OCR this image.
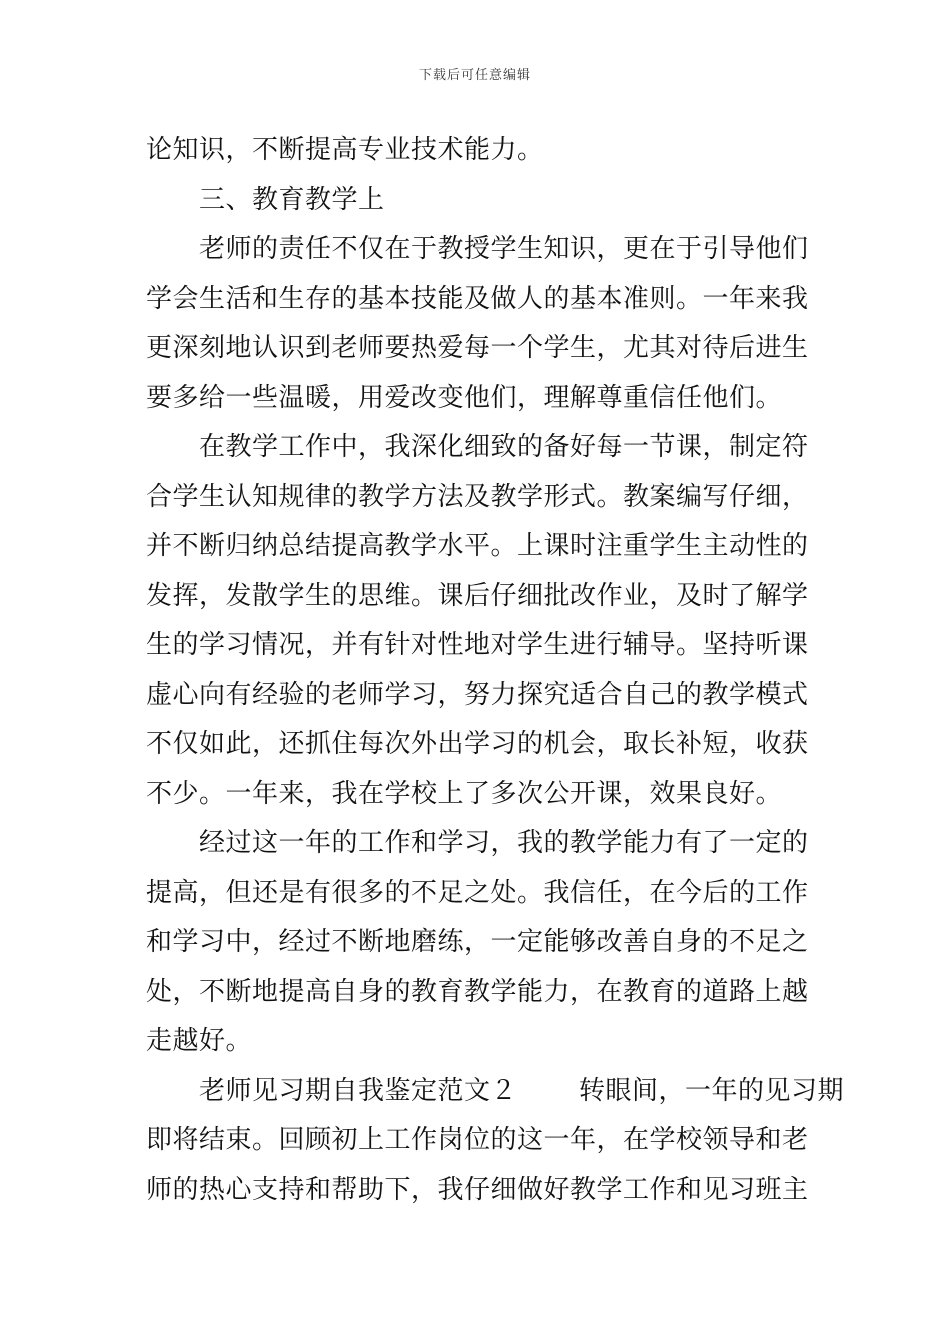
下载后可任意编辑
论知识，不断提高专业技术能力。
三、教育教学上
老师的责任不仅在于教授学生知识，更在于引导他们
学会生活和生存的基本技能及做人的基本准则。一年来我
更深刻地认识到老师要热爱每一个学生，尤其对待后进生
要多给一些温暖，用爱改变他们，理解尊重信任他们。
在教学工作中，我深化细致的备好每一节课，制定符
合学生认知规律的教学方法及教学形式。教案编写仔细，
并不断归纳总结提高教学水平。上课时注重学生主动性的
发挥，发散学生的思维。课后仔细批改作业，及时了解学
生的学习情况，并有针对性地对学生进行辅导。坚持听课
虚心向有经验的老师学习，努力探究适合自己的教学模式
不仅如此，还抓住每次外出学习的机会，取长补短，收获
不少。一年来，我在学校上了多次公开课，效果良好。
经过这一年的工作和学习，我的教学能力有了一定的
提高，但还是有很多的不足之处。我信任，在今后的工作
和学习中，经过不断地磨练，一定能够改善自身的不足之
处，不断地提高自身的教育教学能力，在教育的道路上越
走越好。
老师见习期自我鉴定范文２ 转眼间，一年的见习期
即将结束。回顾初上工作岗位的这一年，在学校领导和老
师的热心支持和帮助下，我仔细做好教学工作和见习班主
